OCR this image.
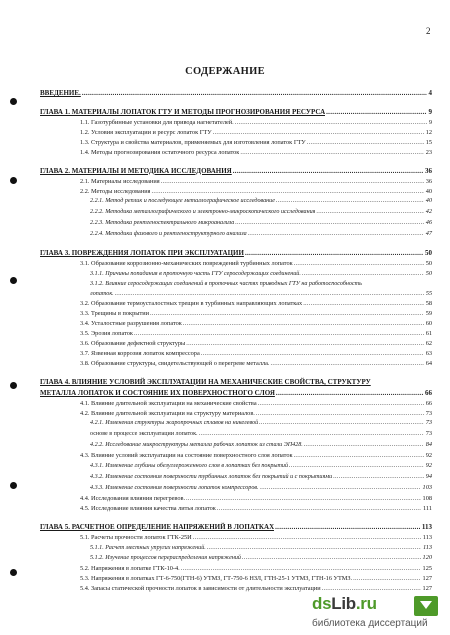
2
СОДЕРЖАНИЕ
ВВЕДЕНИЕ. .....	4
ГЛАВА 1. МАТЕРИАЛЫ ЛОПАТОК ГТУ И МЕТОДЫ ПРОГНОЗИРОВАНИЯ РЕСУРСА .....	9
1.1. Газотурбинные установки для привода нагнетателей. .....	9
1.2. Условия эксплуатации и ресурс лопаток ГТУ .....	12
1.3. Структура и свойства материалов, применяемых для изготовления лопаток ГТУ .....	15
1.4. Методы прогнозирования остаточного ресурса лопаток .....	23
ГЛАВА 2. МАТЕРИАЛЫ И МЕТОДИКА ИССЛЕДОВАНИЯ .....	36
2.1. Материалы исследования .....	36
2.2. Методы исследования .....	40
2.2.1. Метод реплик и последующее металлографическое исследование .....	40
2.2.2. Методика металлографического и электронно-микроскопического исследования .....	42
2.2.3. Методика рентгеноспектрального микроанализа .....	46
2.2.4. Методики фазового и рентгеноструктурного анализа .....	47
ГЛАВА 3. ПОВРЕЖДЕНИЯ ЛОПАТОК ПРИ ЭКСПЛУАТАЦИИ .....	50
3.1. Образование коррозионно-механических повреждений турбинных лопаток .....	50
3.1.1. Причины попадания в проточную часть ГТУ серосодержащих соединений. .....	50
3.1.2. Влияние серосодержащих соединений в проточных частях приводных ГТУ на работоспособность
лопаток. .....	55
3.2. Образование термоусталостных трещин в турбинных направляющих лопатках .....	58
3.3. Трещины в покрытии .....	59
3.4. Усталостные разрушения лопаток .....	60
3.5. Эрозия лопаток .....	61
3.6. Образование дефектной структуры .....	62
3.7. Язвенная коррозия лопаток компрессора .....	63
3.8. Образование структуры, свидетельствующей о перегреве металла. .....	64
ГЛАВА 4. ВЛИЯНИЕ УСЛОВИЙ ЭКСПЛУАТАЦИИ НА МЕХАНИЧЕСКИЕ СВОЙСТВА, СТРУКТУРУ
МЕТАЛЛА ЛОПАТОК И СОСТОЯНИЕ ИХ ПОВЕРХНОСТНОГО СЛОЯ .....	66
4.1. Влияние длительной эксплуатации на механические свойства .....	66
4.2. Влияние длительной эксплуатации на структуру материалов. .....	73
4.2.1. Изменения структуры жаропрочных сплавов на никелевой .....	73
основе в процессе эксплуатации лопаток. .....	73
4.2.2. Исследование микроструктуры металла рабочих лопаток из стали ЭП428. .....	84
4.3. Влияние условий эксплуатации на состояние поверхностного слоя лопаток .....	92
4.3.1. Изменение глубины обезуглероженного слоя в лопатках без покрытий .....	92
4.3.2. Изменение состояния поверхности турбинных лопаток без покрытий и с покрытиями .....	94
4.3.3. Изменение состояния поверхности лопаток компрессоров. .....	103
4.4. Исследования влияния перегревов. .....	108
4.5. Исследование влияния качества литья лопаток .....	111
ГЛАВА 5. РАСЧЕТНОЕ ОПРЕДЕЛЕНИЕ НАПРЯЖЕНИЙ В ЛОПАТКАХ .....	113
5.1. Расчеты прочности лопаток ГТК-25И .....	113
5.1.1. Расчет местных упругих напряжений. .....	113
5.1.2. Изучение процессов перераспределения напряжений .....	120
5.2. Напряжения в лопатке ГТК-10-4. .....	125
5.3. Напряжения в лопатках ГТ-6-750(ГТН-6) УТМЗ, ГТ-750-6 НЗЛ, ГТН-25-1 УТМЗ, ГТН-16 УТМЗ. .....	127
5.4. Запасы статической прочности лопаток в зависимости от длительности эксплуатации .....	127
dsLib.ru
библиотека диссертаций
